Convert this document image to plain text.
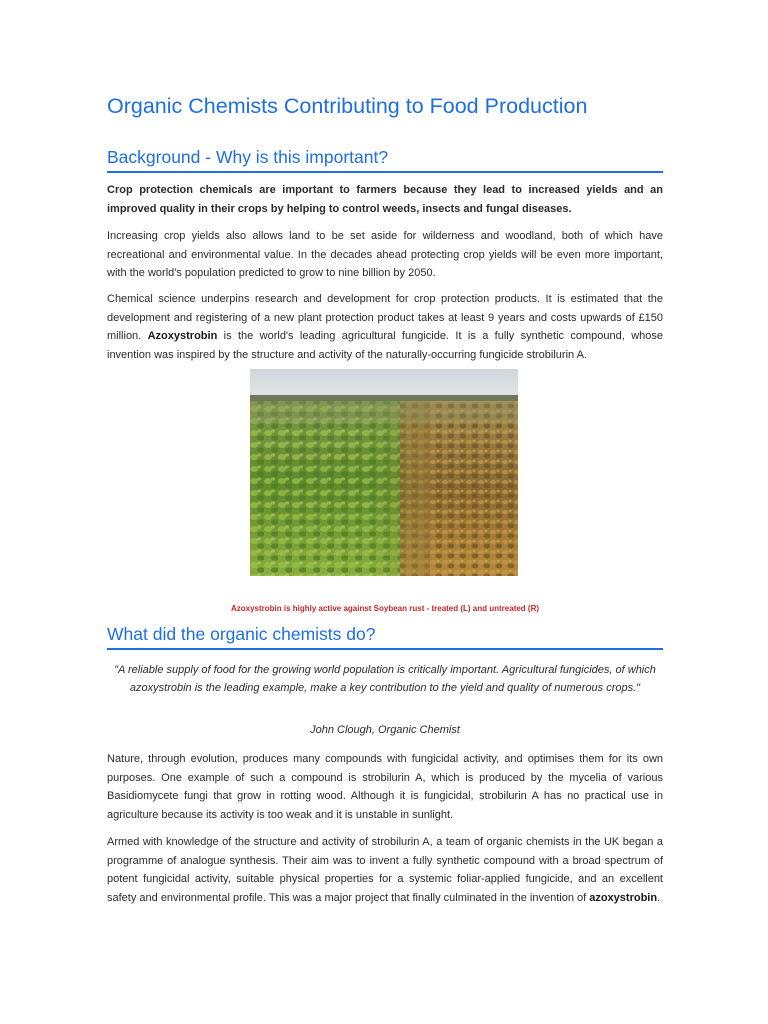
Organic Chemists Contributing to Food Production
Background - Why is this important?

Crop protection chemicals are important to farmers because they lead to increased yields and an improved quality in their crops by helping to control weeds, insects and fungal diseases.

Increasing crop yields also allows land to be set aside for wilderness and woodland, both of which have recreational and environmental value. In the decades ahead protecting crop yields will be even more important, with the world's population predicted to grow to nine billion by 2050.

Chemical science underpins research and development for crop protection products. It is estimated that the development and registering of a new plant protection product takes at least 9 years and costs upwards of £150 million. Azoxystrobin is the world's leading agricultural fungicide. It is a fully synthetic compound, whose invention was inspired by the structure and activity of the naturally-occurring fungicide strobilurin A.

Azoxystrobin is highly active against Soybean rust - treated (L) and untreated (R)
What did the organic chemists do?

"A reliable supply of food for the growing world population is critically important. Agricultural fungicides, of which azoxystrobin is the leading example, make a key contribution to the yield and quality of numerous crops."

John Clough, Organic Chemist

Nature, through evolution, produces many compounds with fungicidal activity, and optimises them for its own purposes. One example of such a compound is strobilurin A, which is produced by the mycelia of various Basidiomycete fungi that grow in rotting wood. Although it is fungicidal, strobilurin A has no practical use in agriculture because its activity is too weak and it is unstable in sunlight.

Armed with knowledge of the structure and activity of strobilurin A, a team of organic chemists in the UK began a programme of analogue synthesis. Their aim was to invent a fully synthetic compound with a broad spectrum of potent fungicidal activity, suitable physical properties for a systemic foliar-applied fungicide, and an excellent safety and environmental profile. This was a major project that finally culminated in the invention of azoxystrobin.
